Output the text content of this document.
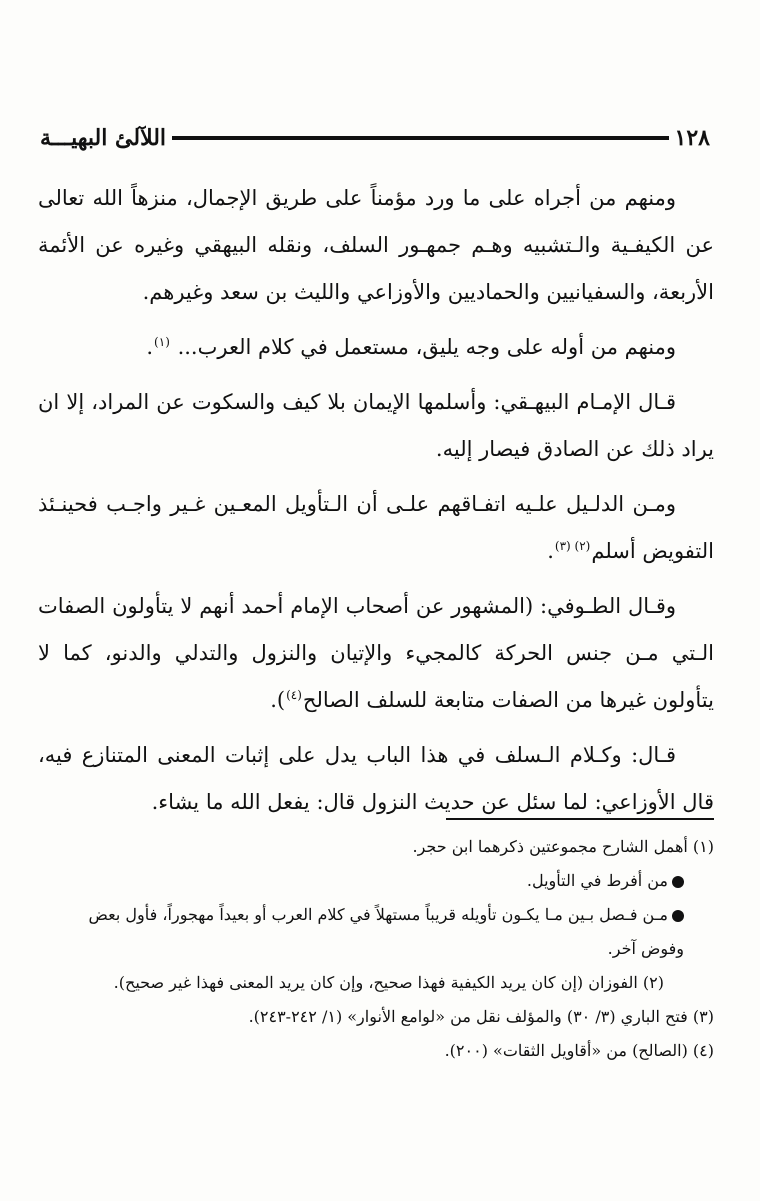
اللآلئ البهيـــة	١٢٨

ومنهم من أجراه على ما ورد مؤمناً على طريق الإجمال، منزهاً الله تعالى عن الكيفـية والـتشبيه وهـم جمهـور السلف، ونقله البيهقي وغيره عن الأئمة الأربعة، والسفيانيين والحماديين والأوزاعي والليث بن سعد وغيرهم.

ومنهم من أوله على وجه يليق، مستعمل في كلام العرب... $^{(١)}$.

قـال الإمـام البيهـقي: وأسلمها الإيمان بلا كيف والسكوت عن المراد، إلا ان يراد ذلك عن الصادق فيصار إليه.

ومـن الدلـيل علـيه اتفـاقهم علـى أن الـتأويل المعـين غـير واجـب فحينـئذ التفويض أسلم$^{(٢) (٣)}$.

وقـال الطـوفي: (المشهور عن أصحاب الإمام أحمد أنهم لا يتأولون الصفات الـتي مـن جنس الحركة كالمجيء والإتيان والنزول والتدلي والدنو، كما لا يتأولون غيرها من الصفات متابعة للسلف الصالح$^{(٤)}$).

قـال: وكـلام الـسلف في هذا الباب يدل على إثبات المعنى المتنازع فيه، قال الأوزاعي: لما سئل عن حديث النزول قال: يفعل الله ما يشاء.

(١) أهمل الشارح مجموعتين ذكرهما ابن حجر.

من أفرط في التأويل.

مـن فـصل بـين مـا يكـون تأويله قريباً مستهلاً في كلام العرب أو بعيداً مهجوراً، فأول بعض

وفوض آخر.

(٢) الفوزان (إن كان يريد الكيفية فهذا صحيح، وإن كان يريد المعنى فهذا غير صحيح).

(٣) فتح الباري (٣/ ٣٠) والمؤلف نقل من «لوامع الأنوار» (١/ ٢٤٢-٢٤٣).

(٤) (الصالح) من «أقاويل الثقات» (٢٠٠).
